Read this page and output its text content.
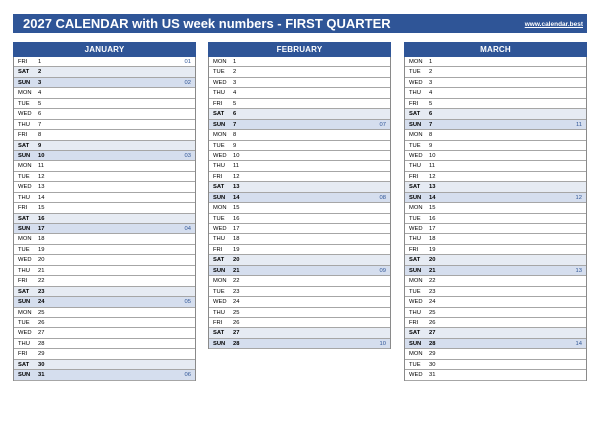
2027 CALENDAR with US week numbers - FIRST QUARTER	www.calendar.best
JANUARY
FRI	1	01
SAT	2
SUN	3	02
MON	4
TUE	5
WED	6
THU	7
FRI	8
SAT	9
SUN	10	03
MON	11
TUE	12
WED	13
THU	14
FRI	15
SAT	16
SUN	17	04
MON	18
TUE	19
WED	20
THU	21
FRI	22
SAT	23
SUN	24	05
MON	25
TUE	26
WED	27
THU	28
FRI	29
SAT	30
SUN	31	06
FEBRUARY
MON	1
TUE	2
WED	3
THU	4
FRI	5
SAT	6
SUN	7	07
MON	8
TUE	9
WED	10
THU	11
FRI	12
SAT	13
SUN	14	08
MON	15
TUE	16
WED	17
THU	18
FRI	19
SAT	20
SUN	21	09
MON	22
TUE	23
WED	24
THU	25
FRI	26
SAT	27
SUN	28	10
MARCH
MON	1
TUE	2
WED	3
THU	4
FRI	5
SAT	6
SUN	7	11
MON	8
TUE	9
WED	10
THU	11
FRI	12
SAT	13
SUN	14	12
MON	15
TUE	16
WED	17
THU	18
FRI	19
SAT	20
SUN	21	13
MON	22
TUE	23
WED	24
THU	25
FRI	26
SAT	27
SUN	28	14
MON	29
TUE	30
WED	31
